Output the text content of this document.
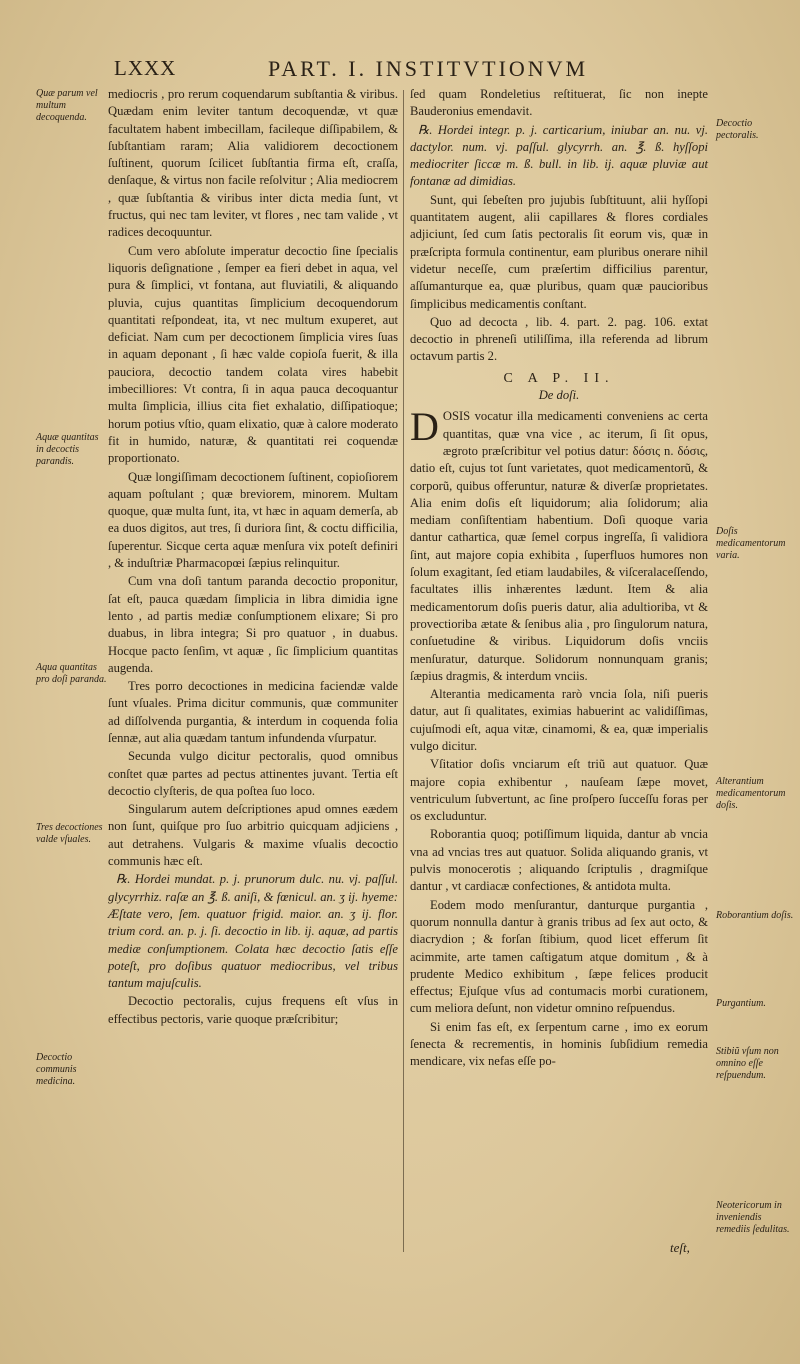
LXXX	PART. I. INSTITVTIONVM
Quæ parum vel multum decoquenda.
Aquæ quantitas in decoctis parandis.
Aqua quantitas pro doſi paranda.
Tres decoctiones valde vſuales.
Decoctio communis medicina.
Decoctio pectoralis.
Doſis medicamentorum varia.
Alterantium medicamentorum doſis.
Roborantium doſis.
Purgantium.
Stibiũ vſum non omnino eſſe reſpuendum.
Neotericorum in inveniendis remediis ſedulitas.

mediocris , pro rerum coquendarum subſtantia & viribus. Quædam enim leviter tantum decoquendæ, vt quæ facultatem habent imbecillam, facileque diſſipabilem, & ſubſtantiam raram; Alia validiorem decoctionem ſuſtinent, quorum ſcilicet ſubſtantia firma eſt, craſſa, denſaque, & virtus non facile reſolvitur ; Alia mediocrem , quæ ſubſtantia & viribus inter dicta media ſunt, vt fructus, qui nec tam leviter, vt flores , nec tam valide , vt radices decoquuntur.

Cum vero abſolute imperatur decoctio ſine ſpecialis liquoris deſignatione , ſemper ea fieri debet in aqua, vel pura & ſimplici, vt fontana, aut fluviatili, & aliquando pluvia, cujus quantitas ſimplicium decoquendorum quantitati reſpondeat, ita, vt nec multum exuperet, aut deficiat. Nam cum per decoctionem ſimplicia vires ſuas in aquam deponant , ſi hæc valde copioſa fuerit, & illa pauciora, decoctio tandem colata vires habebit imbecilliores: Vt contra, ſi in aqua pauca decoquantur multa ſimplicia, illius cita fiet exhalatio, diſſipatioque; horum potius vſtio, quam elixatio, quæ à calore moderato fit in humido, naturæ, & quantitati rei coquendæ proportionato.

Quæ longiſſimam decoctionem ſuſtinent, copioſiorem aquam poſtulant ; quæ breviorem, minorem. Multam quoque, quæ multa ſunt, ita, vt hæc in aquam demerſa, ab ea duos digitos, aut tres, ſi duriora ſint, & coctu difficilia, ſuperentur. Sicque certa aquæ menſura vix poteſt definiri , & induſtriæ Pharmacopœi ſæpius relinquitur.

Cum vna doſi tantum paranda decoctio proponitur, ſat eſt, pauca quædam ſimplicia in libra dimidia igne lento , ad partis mediæ conſumptionem elixare; Si pro duabus, in libra integra; Si pro quatuor , in duabus. Hocque pacto ſenſim, vt aquæ , ſic ſimplicium quantitas augenda.

Tres porro decoctiones in medicina faciendæ valde ſunt vſuales. Prima dicitur communis, quæ communiter ad diſſolvenda purgantia, & interdum in coquenda folia ſennæ, aut alia quædam tantum infundenda vſurpatur.

Secunda vulgo dicitur pectoralis, quod omnibus conſtet quæ partes ad pectus attinentes juvant. Tertia eſt decoctio clyſteris, de qua poſtea ſuo loco.

Singularum autem deſcriptiones apud omnes eædem non ſunt, quiſque pro ſuo arbitrio quicquam adjiciens , aut detrahens. Vulgaris & maxime vſualis decoctio communis hæc eſt.

℞. Hordei mundat. p. j. prunorum dulc. nu. vj. paſſul. glycyrrhiz. raſæ an ℥. ß. aniſi, & fœnicul. an. ʒ ij. hyeme: Æſtate vero, ſem. quatuor frigid. maior. an. ʒ ij. flor. trium cord. an. p. j. ſi. decoctio in lib. ij. aquæ, ad partis mediæ conſumptionem. Colata hæc decoctio ſatis eſſe poteſt, pro doſibus quatuor mediocribus, vel tribus tantum majuſculis.

Decoctio pectoralis, cujus frequens eſt vſus in effectibus pectoris, varie quoque præſcribitur;

ſed quam Rondeletius reſtituerat, ſic non inepte Bauderonius emendavit.

℞. Hordei integr. p. j. carticarium, iniubar an. nu. vj. dactylor. num. vj. paſſul. glycyrrh. an. ℥. ß. hyſſopi mediocriter ſiccæ m. ß. bull. in lib. ij. aquæ pluviæ aut fontanæ ad dimidias.

Sunt, qui ſebeſten pro jujubis ſubſtituunt, alii hyſſopi quantitatem augent, alii capillares & flores cordiales adjiciunt, ſed cum ſatis pectoralis ſit eorum vis, quæ in præſcripta formula continentur, eam pluribus onerare nihil videtur neceſſe, cum præſertim difficilius parentur, aſſumanturque ea, quæ pluribus, quam quæ paucioribus ſimplicibus medicamentis conſtant.

Quo ad decocta , lib. 4. part. 2. pag. 106. extat decoctio in phreneſi utiliſſima, illa referenda ad librum octavum partis 2.

C A P. II.
De doſi.

DOSIS vocatur illa medicamenti conveniens ac certa quantitas, quæ vna vice , ac iterum, ſi ſit opus, ægroto præſcribitur vel potius datur: δόσις n. δόσις, datio eſt, cujus tot ſunt varietates, quot medicamentorũ, & corporũ, quibus offeruntur, naturæ & diverſæ proprietates. Alia enim doſis eſt liquidorum; alia ſolidorum; alia mediam conſiſtentiam habentium. Doſi quoque varia dantur cathartica, quæ ſemel corpus ingreſſa, ſi validiora ſint, aut majore copia exhibita , ſuperfluos humores non ſolum exagitant, ſed etiam laudabiles, & viſceralaceſſendo, facultates illis inhærentes lædunt. Item & alia medicamentorum doſis pueris datur, alia adultioriba, vt & provectioriba ætate & ſenibus alia , pro ſingulorum natura, conſuetudine & viribus. Liquidorum doſis vnciis menſuratur, daturque. Solidorum nonnunquam granis; ſæpius dragmis, & interdum vnciis.

Alterantia medicamenta rarò vncia ſola, niſi pueris datur, aut ſi qualitates, eximias habuerint ac validiſſimas, cujuſmodi eſt, aqua vitæ, cinamomi, & ea, quæ imperialis vulgo dicitur.

Vſitatior doſis vnciarum eſt triũ aut quatuor. Quæ majore copia exhibentur , nauſeam ſæpe movet, ventriculum ſubvertunt, ac ſine proſpero ſucceſſu foras per os excluduntur.

Roborantia quoq; potiſſimum liquida, dantur ab vncia vna ad vncias tres aut quatuor. Solida aliquando granis, vt pulvis monocerotis ; aliquando ſcriptulis , dragmiſque dantur , vt cardiacæ confectiones, & antidota multa.

Eodem modo menſurantur, danturque purgantia , quorum nonnulla dantur à granis tribus ad ſex aut octo, & diacrydion ; & forſan ſtibium, quod licet efferum ſit acimmite, arte tamen caſtigatum atque domitum , & à prudente Medico exhibitum , ſæpe felices producit effectus; Ejuſque vſus ad contumacis morbi curationem, cum meliora deſunt, non videtur omnino reſpuendus.

Si enim fas eſt, ex ſerpentum carne , imo ex eorum ſenecta & recrementis, in hominis ſubſidium remedia mendicare, vix nefas eſſe po-

teſt,
